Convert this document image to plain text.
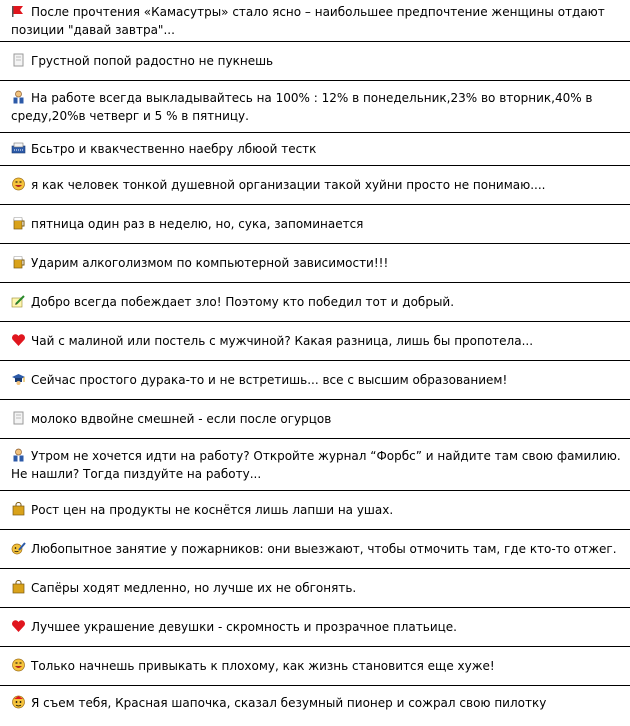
После прочтения «Камасутры» стало ясно – наибольшее предпочтение женщины отдают позиции "давай завтра"...
Грустной попой радостно не пукнешь
На работе всегда выкладывайтесь на 100% : 12% в понедельник,23% во вторник,40% в среду,20%в четверг и 5 % в пятницу.
Бсьтро и квакчественно наебру лбюой тестк
я как человек тонкой душевной организации такой хуйни просто не понимаю....
пятница один раз в неделю, но, сука, запоминается
Ударим алкоголизмом по компьютерной зависимости!!!
Добро всегда побеждает зло! Поэтому кто победил тот и добрый.
Чай с малиной или постель с мужчиной? Какая разница, лишь бы пропотела...
Сейчас простого дурака-то и не встретишь... все с высшим образованием!
молоко вдвойне смешней - если после огурцов
Утром не хочется идти на работу? Откройте журнал “Форбс” и найдите там свою фамилию. Не нашли? Тогда пиздуйте на работу...
Рост цен на продукты не коснётся лишь лапши на ушах.
Любопытное занятие у пожарников: они выезжают, чтобы отмочить там, где кто-то отжег.
Сапёры ходят медленно, но лучше их не обгонять.
Лучшее украшение девушки - скромность и прозрачное платьице.
Только начнешь привыкать к плохому, как жизнь становится еще хуже!
Я съем тебя, Красная шапочка, сказал безумный пионер и сожрал свою пилотку
